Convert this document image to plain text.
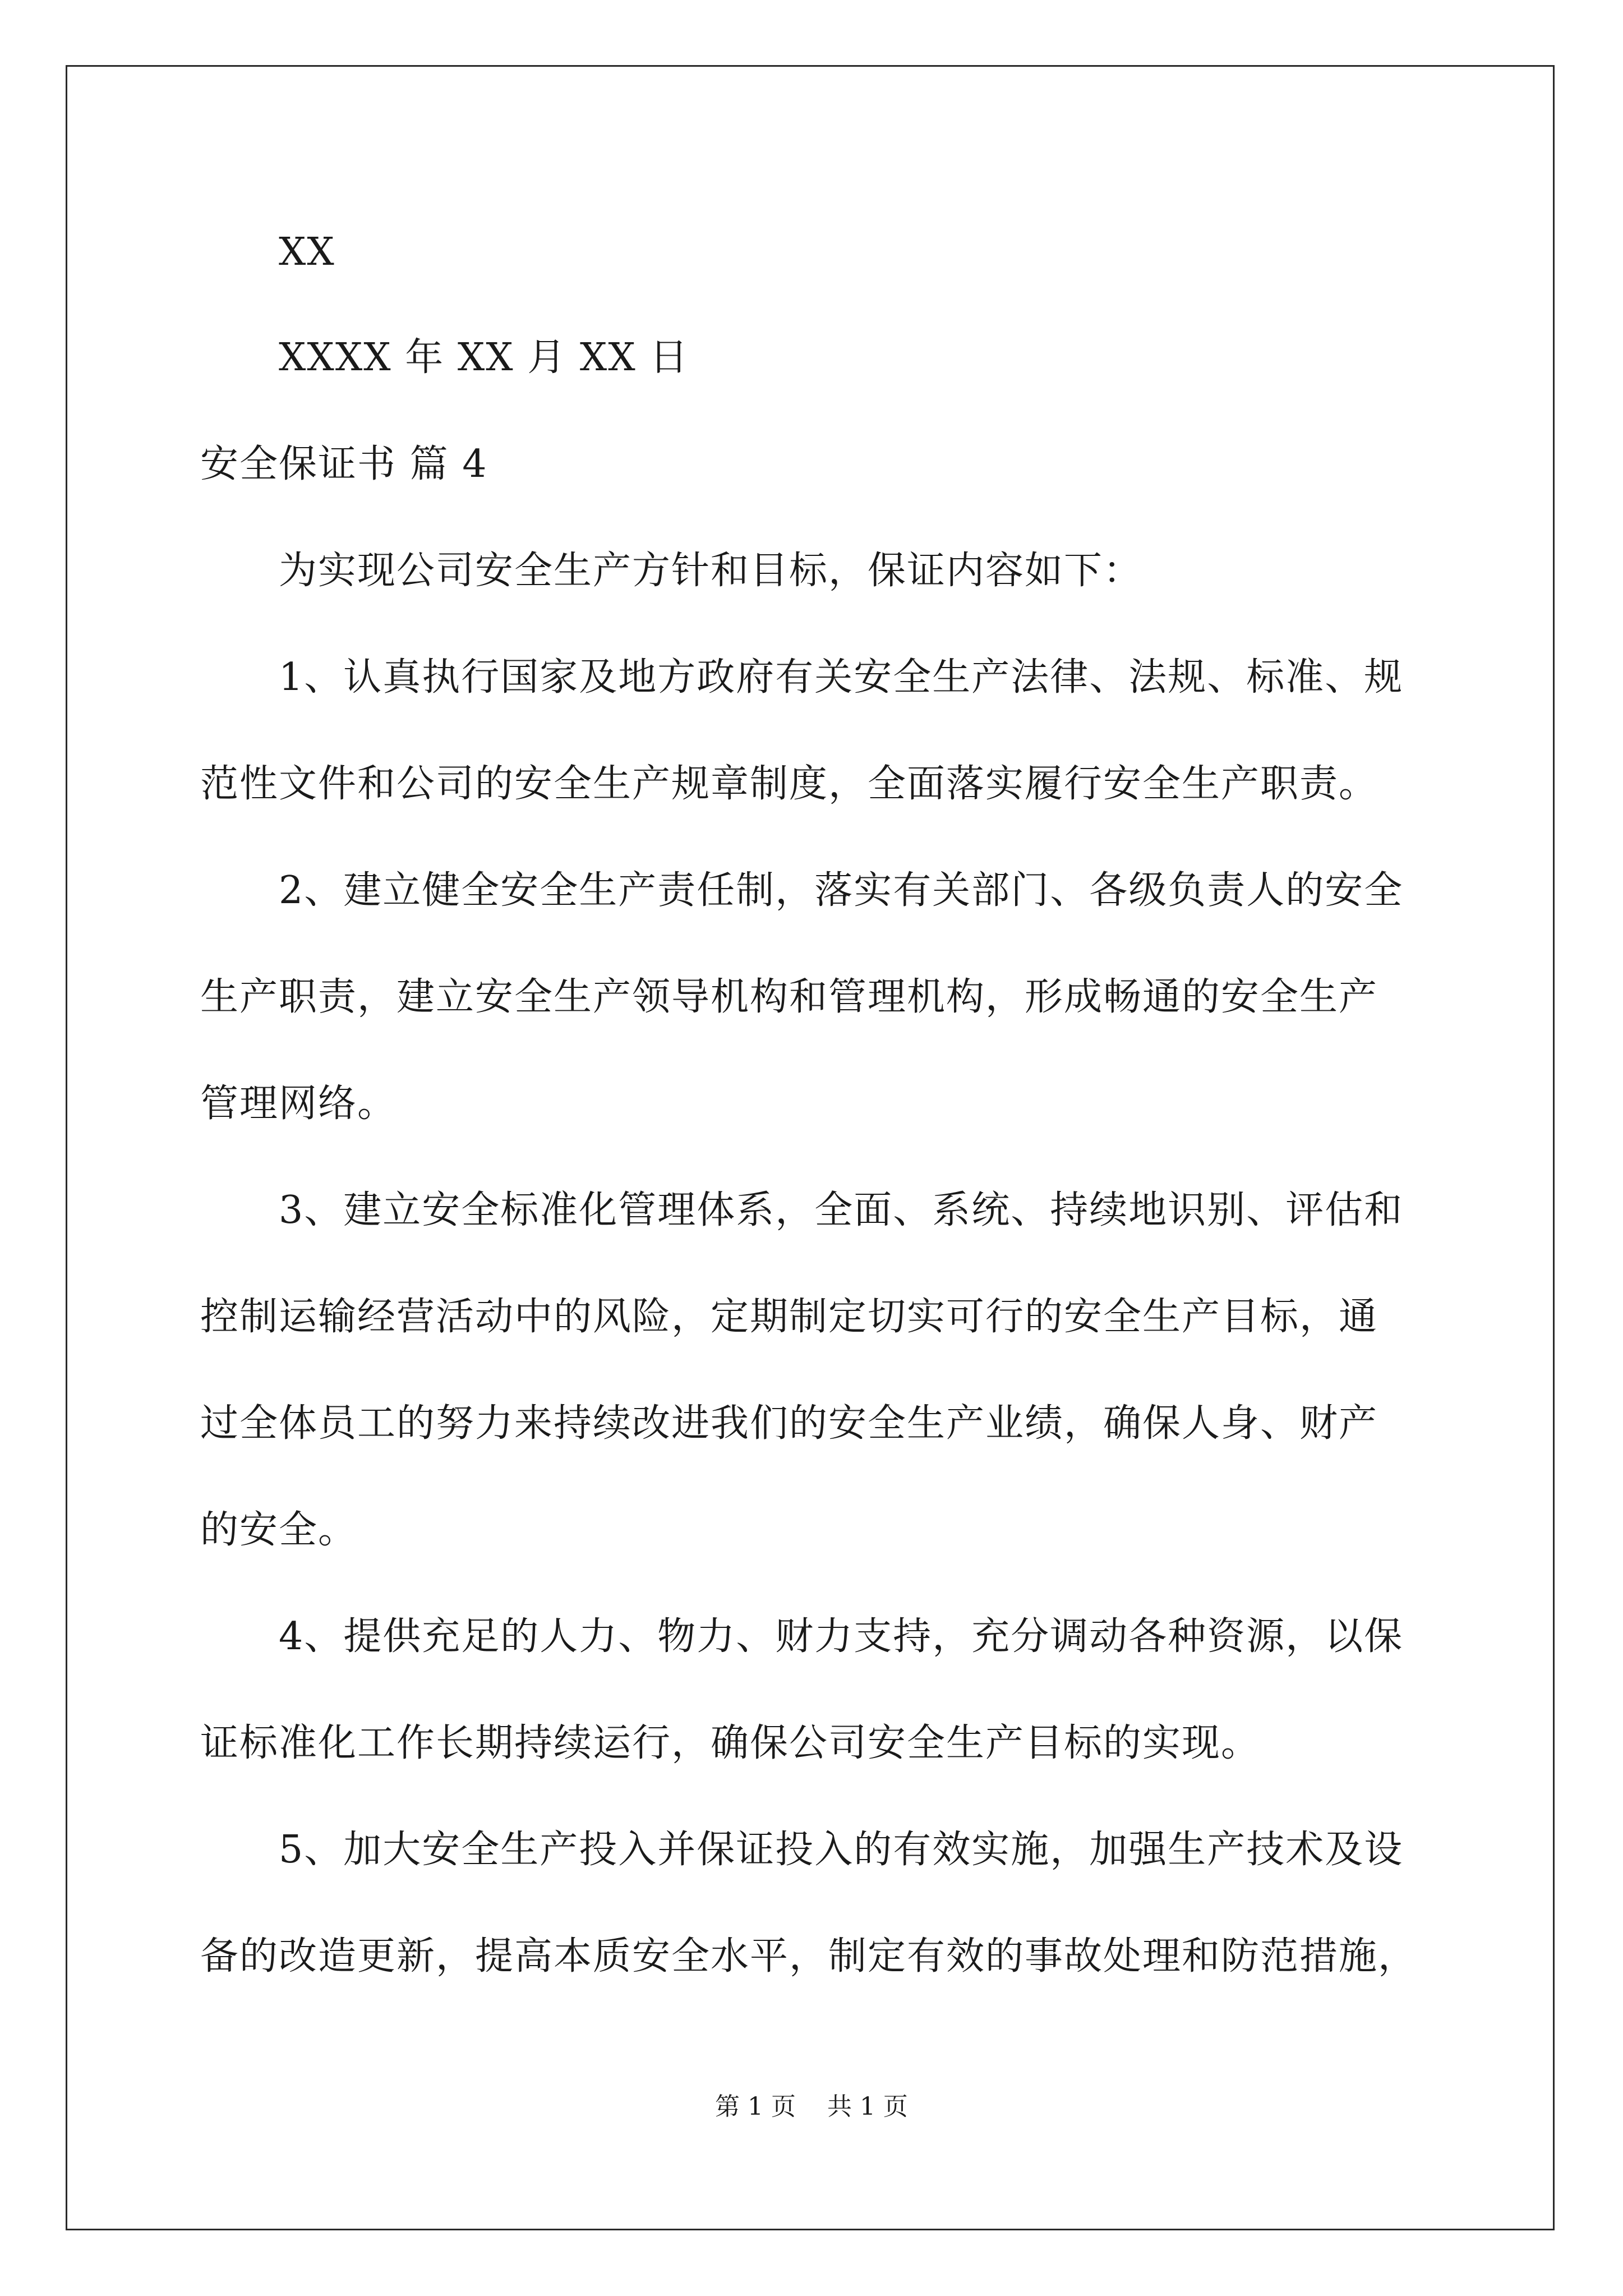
XX
XXXX 年 XX 月 XX 日
安全保证书 篇 4
为实现公司安全生产方针和目标，保证内容如下：
1、认真执行国家及地方政府有关安全生产法律、法规、标准、规
范性文件和公司的安全生产规章制度，全面落实履行安全生产职责。
2、建立健全安全生产责任制，落实有关部门、各级负责人的安全
生产职责，建立安全生产领导机构和管理机构，形成畅通的安全生产
管理网络。
3、建立安全标准化管理体系，全面、系统、持续地识别、评估和
控制运输经营活动中的风险，定期制定切实可行的安全生产目标，通
过全体员工的努力来持续改进我们的安全生产业绩，确保人身、财产
的安全。
4、提供充足的人力、物力、财力支持，充分调动各种资源，以保
证标准化工作长期持续运行，确保公司安全生产目标的实现。
5、加大安全生产投入并保证投入的有效实施，加强生产技术及设
备的改造更新，提高本质安全水平，制定有效的事故处理和防范措施，
第 1 页    共 1 页
